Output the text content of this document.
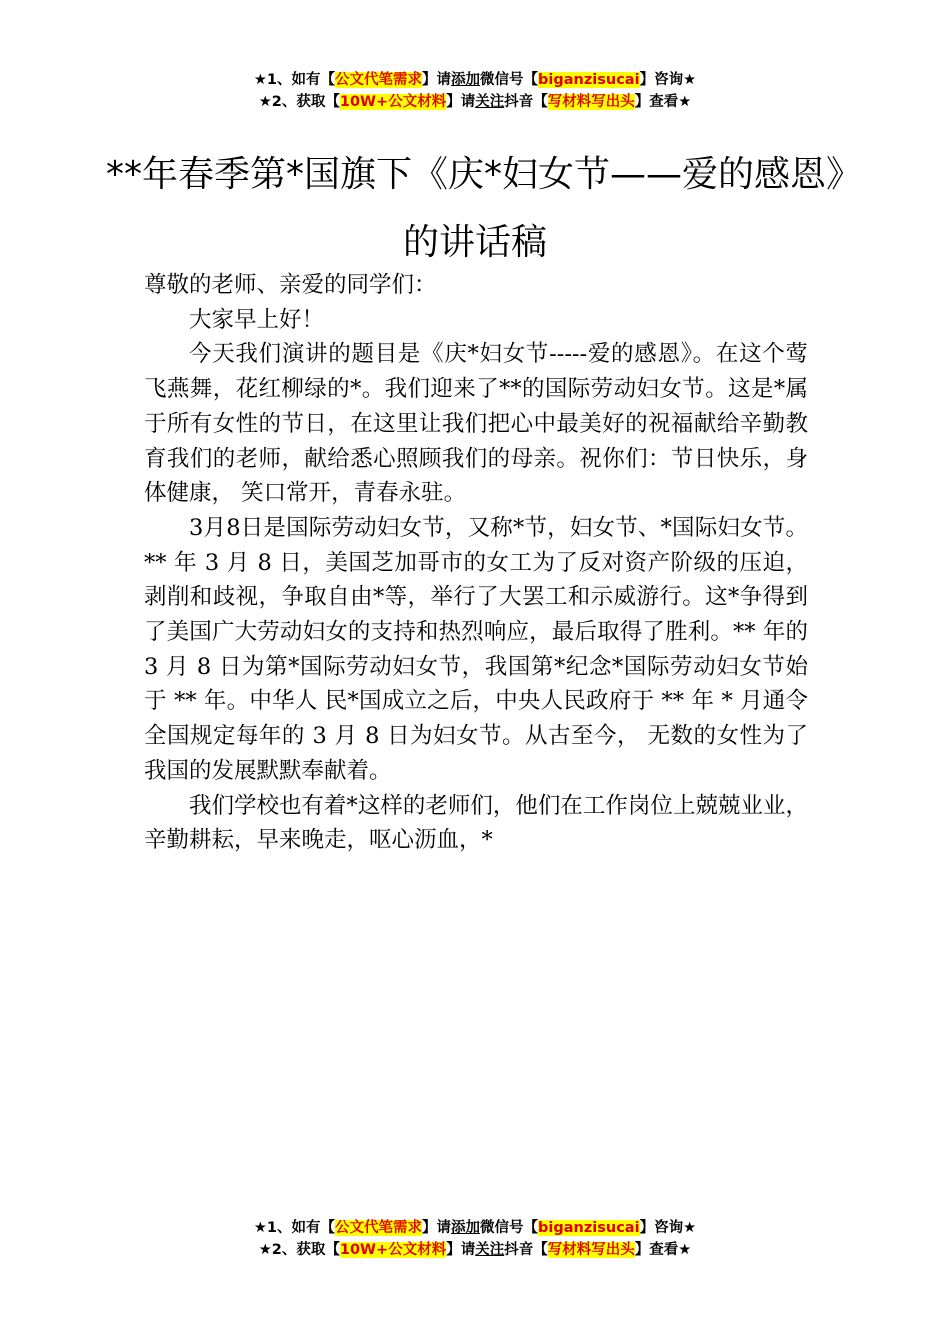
★1、如有【公文代笔需求】请添加微信号【biganzisucai】咨询★
★2、获取【10W+公文材料】请关注抖音【写材料写出头】查看★
**年春季第*国旗下《庆*妇女节——爱的感恩》的讲话稿

尊敬的老师、亲爱的同学们：

大家早上好！

今天我们演讲的题目是《庆*妇女节-----爱的感恩》。在这个莺飞燕舞，花红柳绿的*。我们迎来了**的国际劳动妇女节。这是*属于所有女性的节日，在这里让我们把心中最美好的祝福献给辛勤教育我们的老师，献给悉心照顾我们的母亲。祝你们：节日快乐，身体健康， 笑口常开，青春永驻。

3月8日是国际劳动妇女节，又称*节，妇女节、*国际妇女节。** 年 3 月 8 日，美国芝加哥市的女工为了反对资产阶级的压迫，剥削和歧视，争取自由*等，举行了大罢工和示威游行。这*争得到了美国广大劳动妇女的支持和热烈响应，最后取得了胜利。** 年的 3 月 8 日为第*国际劳动妇女节，我国第*纪念*国际劳动妇女节始于 ** 年。中华人 民*国成立之后，中央人民政府于 ** 年 * 月通令全国规定每年的 3 月 8 日为妇女节。从古至今， 无数的女性为了我国的发展默默奉献着。

我们学校也有着*这样的老师们，他们在工作岗位上兢兢业业，辛勤耕耘，早来晚走，呕心沥血，*

★1、如有【公文代笔需求】请添加微信号【biganzisucai】咨询★
★2、获取【10W+公文材料】请关注抖音【写材料写出头】查看★
